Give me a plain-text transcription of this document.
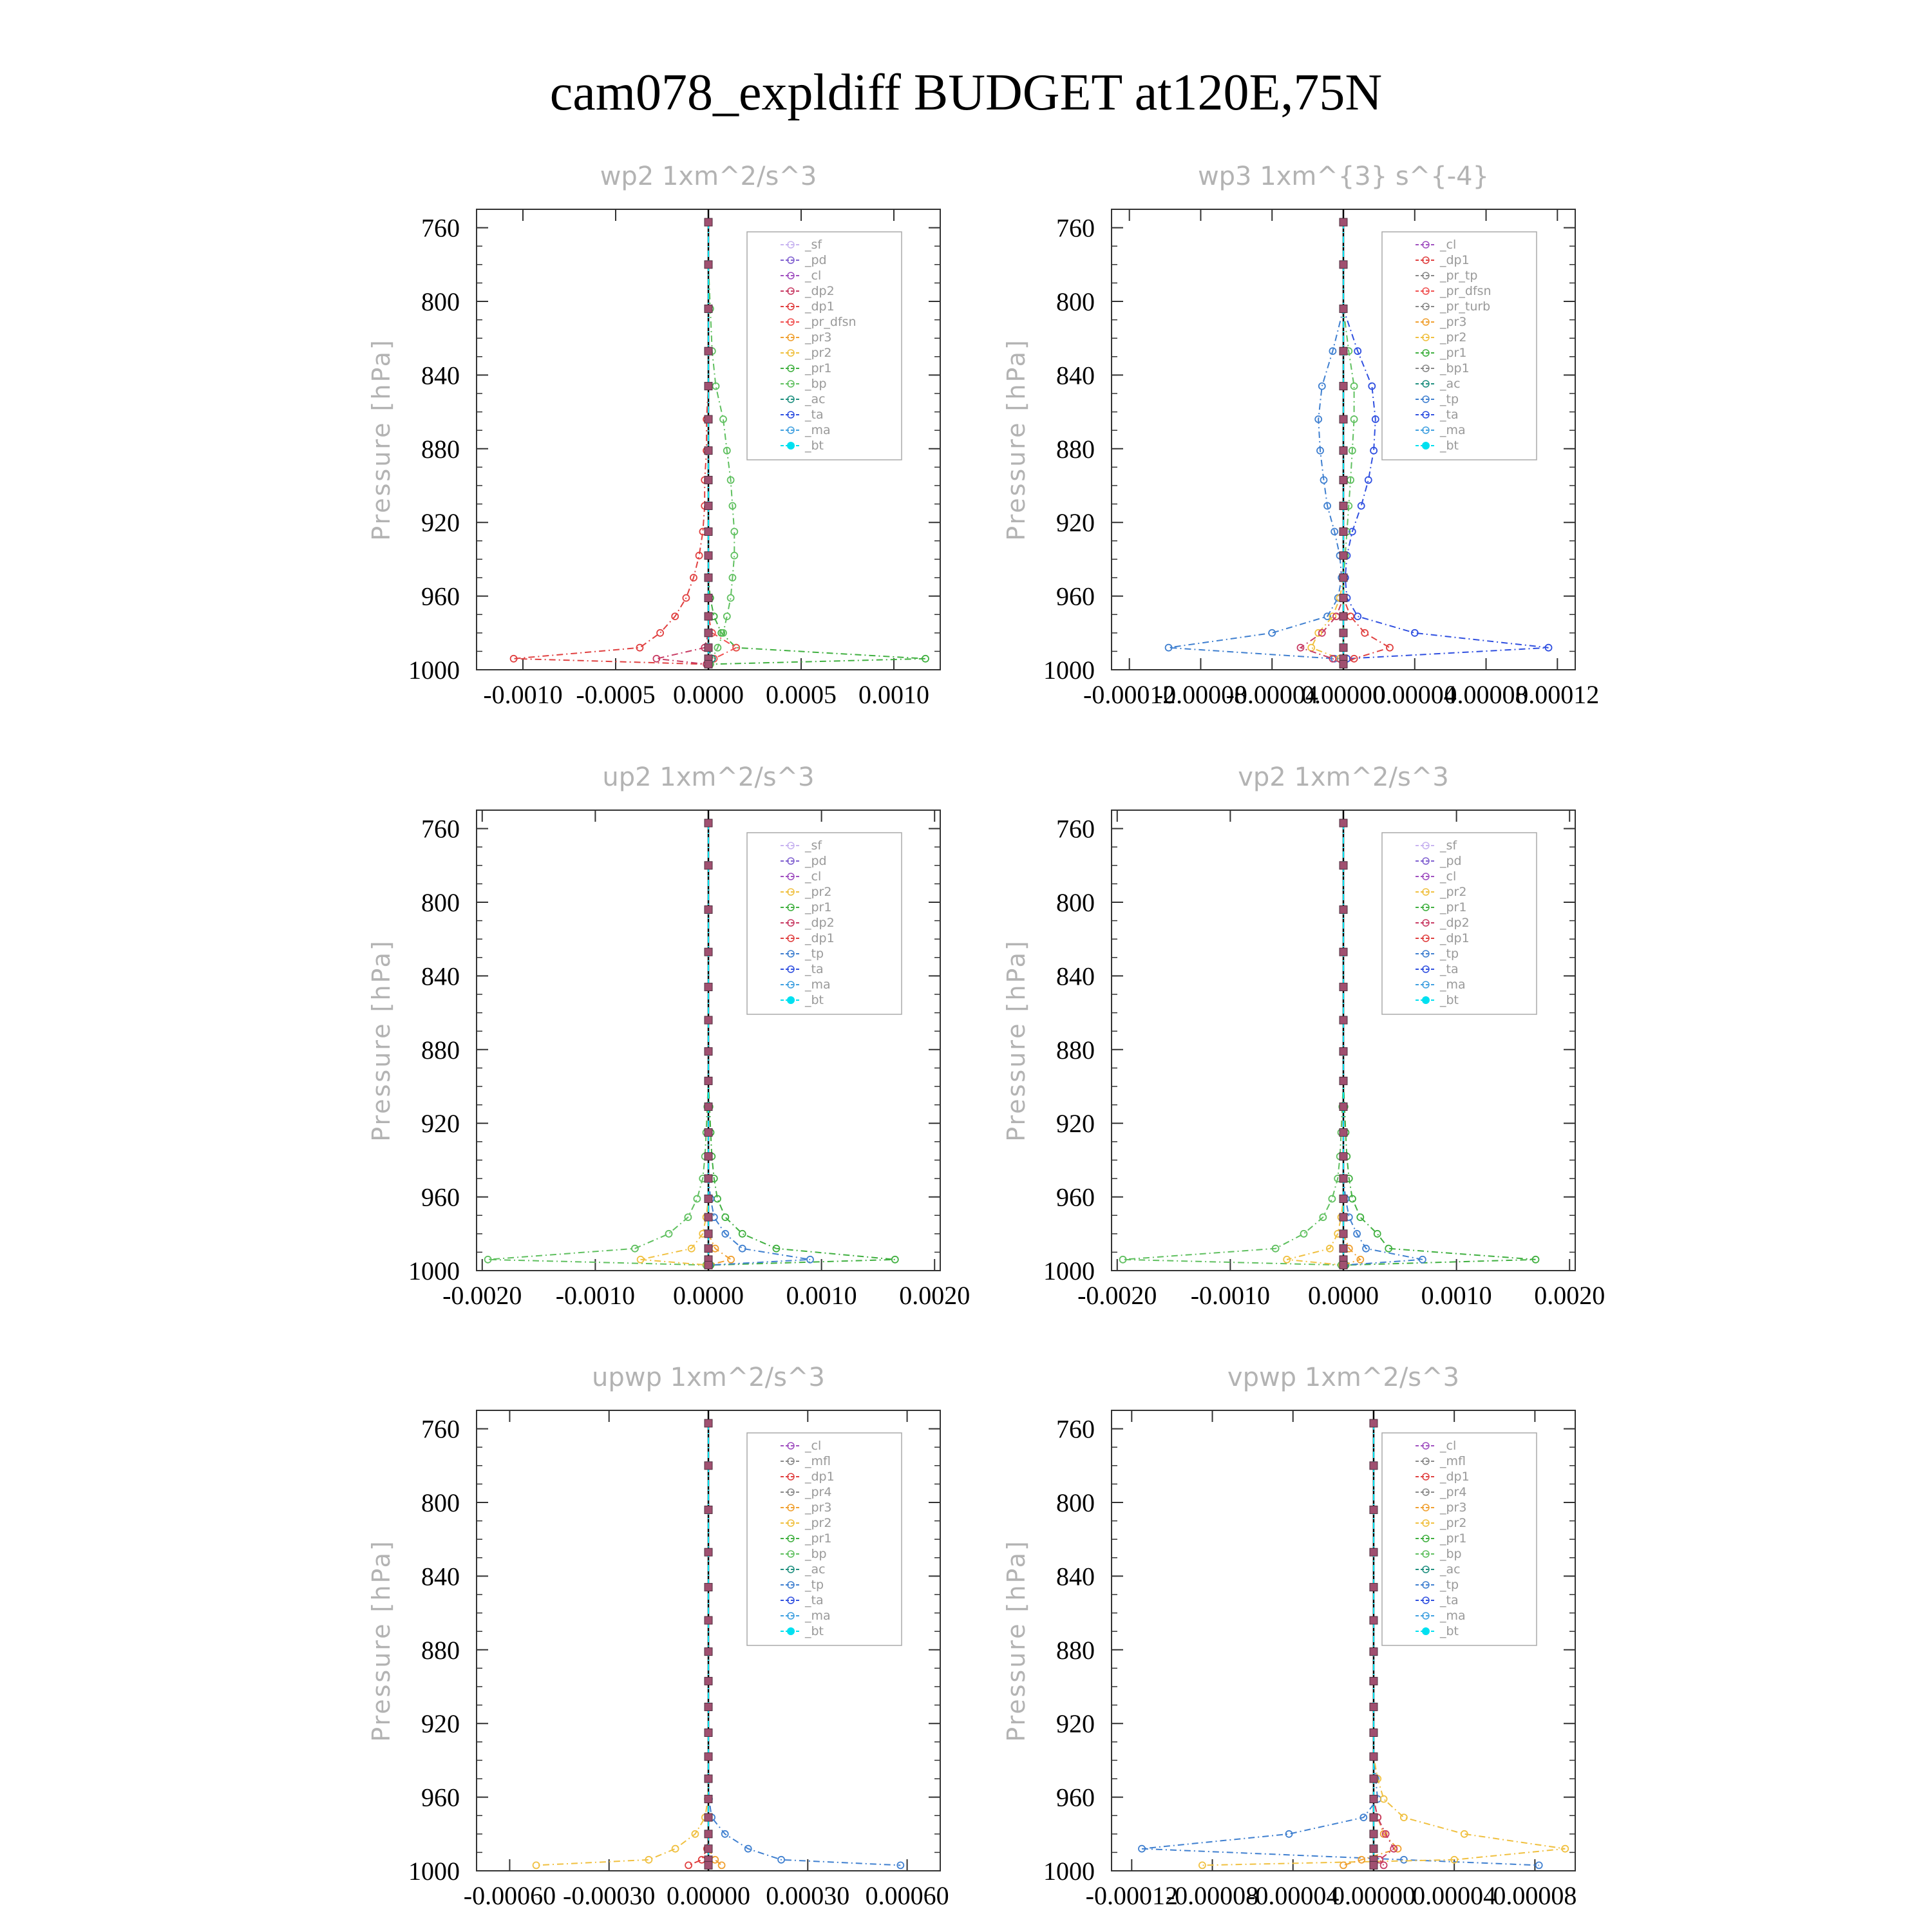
cam078_expldiff BUDGET at120E,75N
wp2 1xm^2/s^3
Pressure [hPa]
760
800
840
880
920
960
1000
-0.0010 -0.0005 0.0000 0.0005 0.0010
_sf
_pd
_cl
_dp2
_dp1
_pr_dfsn
_pr3
_pr2
_pr1
_bp
_ac
_ta
_ma
_bt
wp3 1xm^{3} s^{-4}
Pressure [hPa]
760
800
840
880
920
960
1000
-0.00012
-0.00008
-0.00004
0.00000
0.00004
0.00008
0.00012
_cl
_dp1
_pr_tp
_pr_dfsn
_pr_turb
_pr3
_pr2
_pr1
_bp1
_ac
_tp
_ta
_ma
_bt
up2 1xm^2/s^3
Pressure [hPa]
760
800
840
880
920
960
1000
-0.0020 -0.0010 0.0000 0.0010 0.0020
_sf
_pd
_cl
_pr2
_pr1
_dp2
_dp1
_tp
_ta
_ma
_bt
vp2 1xm^2/s^3
Pressure [hPa]
760
800
840
880
920
960
1000
-0.0020 -0.0010 0.0000 0.0010 0.0020
_sf
_pd
_cl
_pr2
_pr1
_dp2
_dp1
_tp
_ta
_ma
_bt
upwp 1xm^2/s^3
Pressure [hPa]
760
800
840
880
920
960
1000
-0.00060 -0.00030 0.00000 0.00030 0.00060
_cl
_mfl
_dp1
_pr4
_pr3
_pr2
_pr1
_bp
_ac
_tp
_ta
_ma
_bt
vpwp 1xm^2/s^3
Pressure [hPa]
760
800
840
880
920
960
1000
-0.00012
-0.00008
-0.00004
0.00000
0.00004
0.00008
_cl
_mfl
_dp1
_pr4
_pr3
_pr2
_pr1
_bp
_ac
_tp
_ta
_ma
_bt
